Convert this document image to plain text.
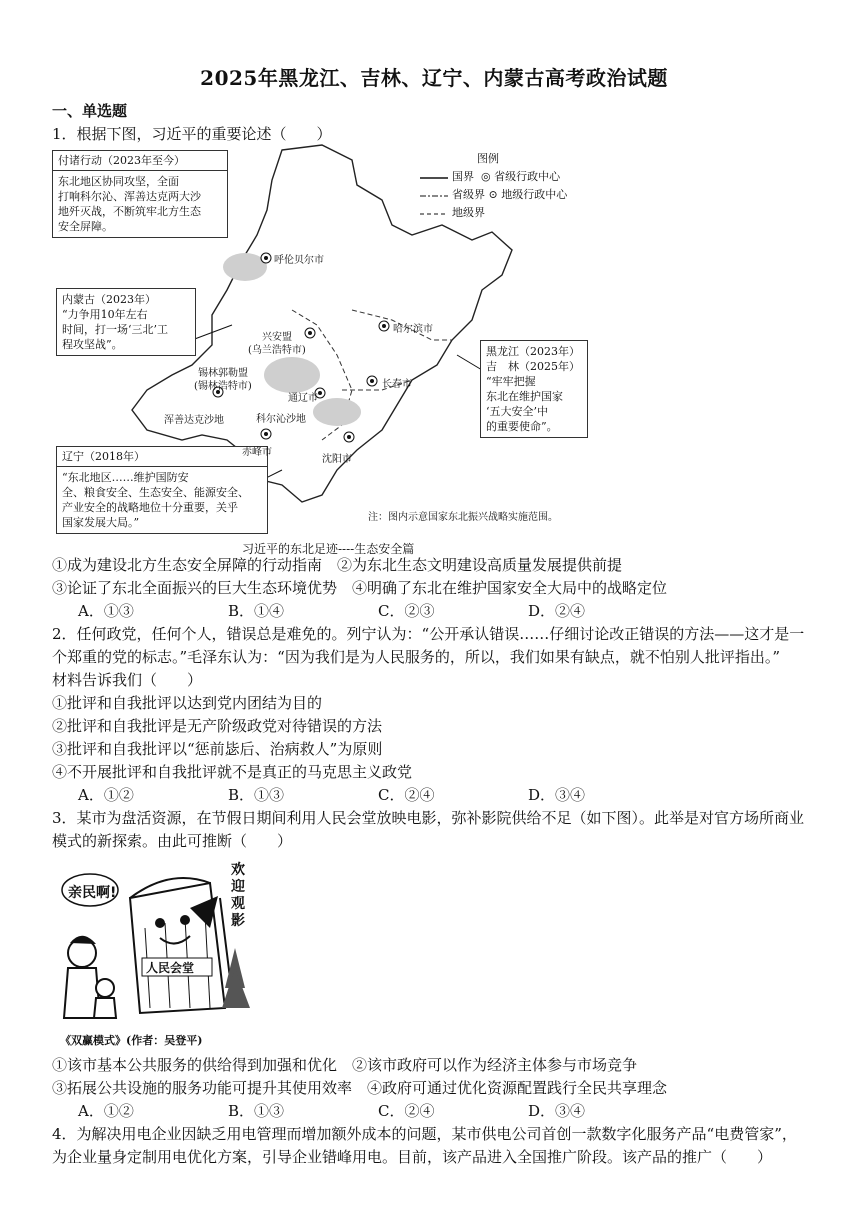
2025年黑龙江、吉林、辽宁、内蒙古高考政治试题
一、单选题
1．根据下图，习近平的重要论述（　　）
付诸行动（2023年至今）
东北地区协同攻坚，全面
打响科尔沁、浑善达克两大沙
地歼灭战，不断筑牢北方生态
安全屏障。
内蒙古（2023年）
“力争用10年左右
时间，打一场‘三北’工
程攻坚战”。
黑龙江（2023年）
吉　林（2025年）
“牢牢把握
东北在维护国家
‘五大安全’中
的重要使命”。
辽宁（2018年）
“东北地区……维护国防安
全、粮食安全、生态安全、能源安全、
产业安全的战略地位十分重要，关乎
国家发展大局。”
图例
国界  ◎ 省级行政中心
省级界 ⊙ 地级行政中心
地级界
呼伦贝尔市
哈尔滨市
兴安盟
(乌兰浩特市)
锡林郭勒盟
(锡林浩特市)
通辽市
长春市
浑善达克沙地	科尔沁沙地
赤峰市
沈阳市
注：图内示意国家东北振兴战略实施范围。
习近平的东北足迹----生态安全篇
①成为建设北方生态安全屏障的行动指南　②为东北生态文明建设高质量发展提供前提
③论证了东北全面振兴的巨大生态环境优势　④明确了东北在维护国家安全大局中的战略定位
A．①③	B．①④	C．②③	D．②④
2．任何政党，任何个人，错误总是难免的。列宁认为：“公开承认错误……仔细讨论改正错误的方法——这才是一
个郑重的党的标志。”毛泽东认为：“因为我们是为人民服务的，所以，我们如果有缺点，就不怕别人批评指出。”
材料告诉我们（　　）
①批评和自我批评以达到党内团结为目的
②批评和自我批评是无产阶级政党对待错误的方法
③批评和自我批评以“惩前毖后、治病救人”为原则
④不开展批评和自我批评就不是真正的马克思主义政党
A．①②	B．①③	C．②④	D．③④
3．某市为盘活资源，在节假日期间利用人民会堂放映电影，弥补影院供给不足（如下图）。此举是对官方场所商业
模式的新探索。由此可推断（　　）
亲民啊!
欢
迎
观
影
人民会堂
《双赢模式》(作者：吴登平)
①该市基本公共服务的供给得到加强和优化　②该市政府可以作为经济主体参与市场竞争
③拓展公共设施的服务功能可提升其使用效率　④政府可通过优化资源配置践行全民共享理念
A．①②	B．①③	C．②④	D．③④
4．为解决用电企业因缺乏用电管理而增加额外成本的问题，某市供电公司首创一款数字化服务产品“电费管家”，
为企业量身定制用电优化方案，引导企业错峰用电。目前，该产品进入全国推广阶段。该产品的推广（　　）
